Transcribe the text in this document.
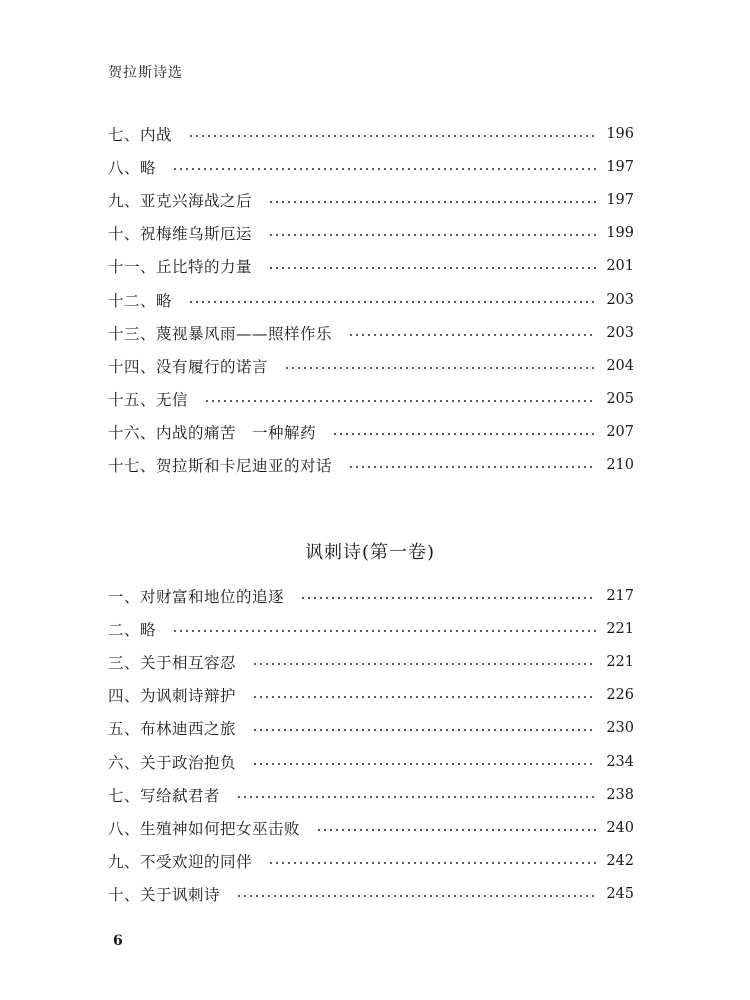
贺拉斯诗选
七、内战	196
八、略	197
九、亚克兴海战之后	197
十、祝梅维乌斯厄运	199
十一、丘比特的力量	201
十二、略	203
十三、蔑视暴风雨——照样作乐	203
十四、没有履行的诺言	204
十五、无信	205
十六、内战的痛苦　一种解药	207
十七、贺拉斯和卡尼迪亚的对话	210
讽刺诗(第一卷)
一、对财富和地位的追逐	217
二、略	221
三、关于相互容忍	221
四、为讽刺诗辩护	226
五、布林迪西之旅	230
六、关于政治抱负	234
七、写给弑君者	238
八、生殖神如何把女巫击败	240
九、不受欢迎的同伴	242
十、关于讽刺诗	245
6
